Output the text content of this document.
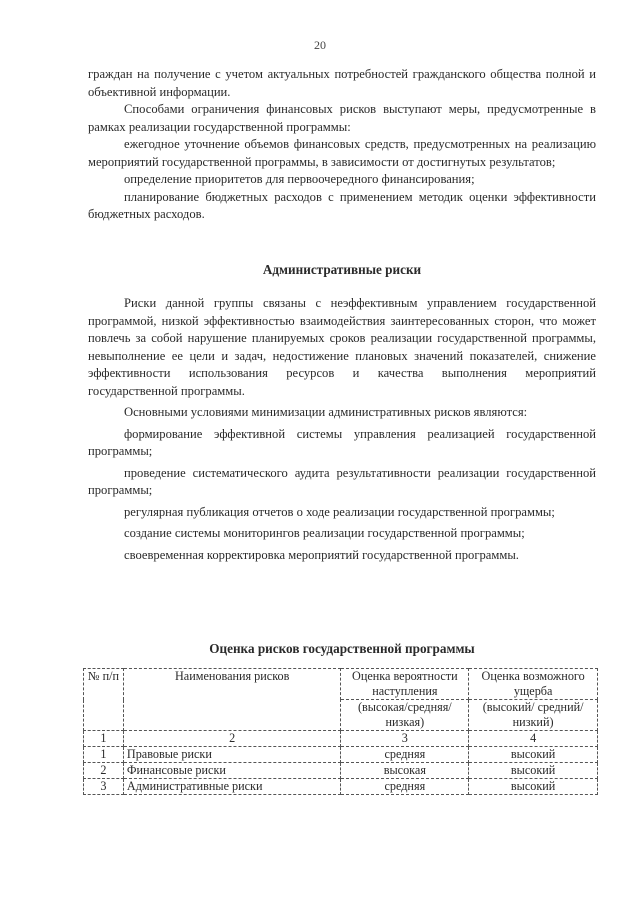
20

граждан на получение с учетом актуальных потребностей гражданского общества полной и объективной информации.

Способами ограничения финансовых рисков выступают меры, предусмотренные в рамках реализации государственной программы:

ежегодное уточнение объемов финансовых средств, предусмотренных на реализацию мероприятий государственной программы, в зависимости от достигнутых результатов;

определение приоритетов для первоочередного финансирования;

планирование бюджетных расходов с применением методик оценки эффективности бюджетных расходов.

Административные риски

Риски данной группы связаны с неэффективным управлением государственной программой, низкой эффективностью взаимодействия заинтересованных сторон, что может повлечь за собой нарушение планируемых сроков реализации государственной программы, невыполнение ее цели и задач, недостижение плановых значений показателей, снижение эффективности использования ресурсов и качества выполнения мероприятий государственной программы.

Основными условиями минимизации административных рисков являются:

формирование эффективной системы управления реализацией государственной программы;

проведение систематического аудита результативности реализации государственной программы;

регулярная публикация отчетов о ходе реализации государственной программы;

создание системы мониторингов реализации государственной программы;

своевременная корректировка мероприятий государственной программы.

Оценка рисков государственной программы
№ п/п	Наименования рисков	Оценка вероятности наступления	Оценка возможного ущерба
		(высокая/средняя/низкая)	(высокий/ средний/ низкий)
1	2	3	4
1	Правовые риски	средняя	высокий
2	Финансовые риски	высокая	высокий
3	Административные риски	средняя	высокий
